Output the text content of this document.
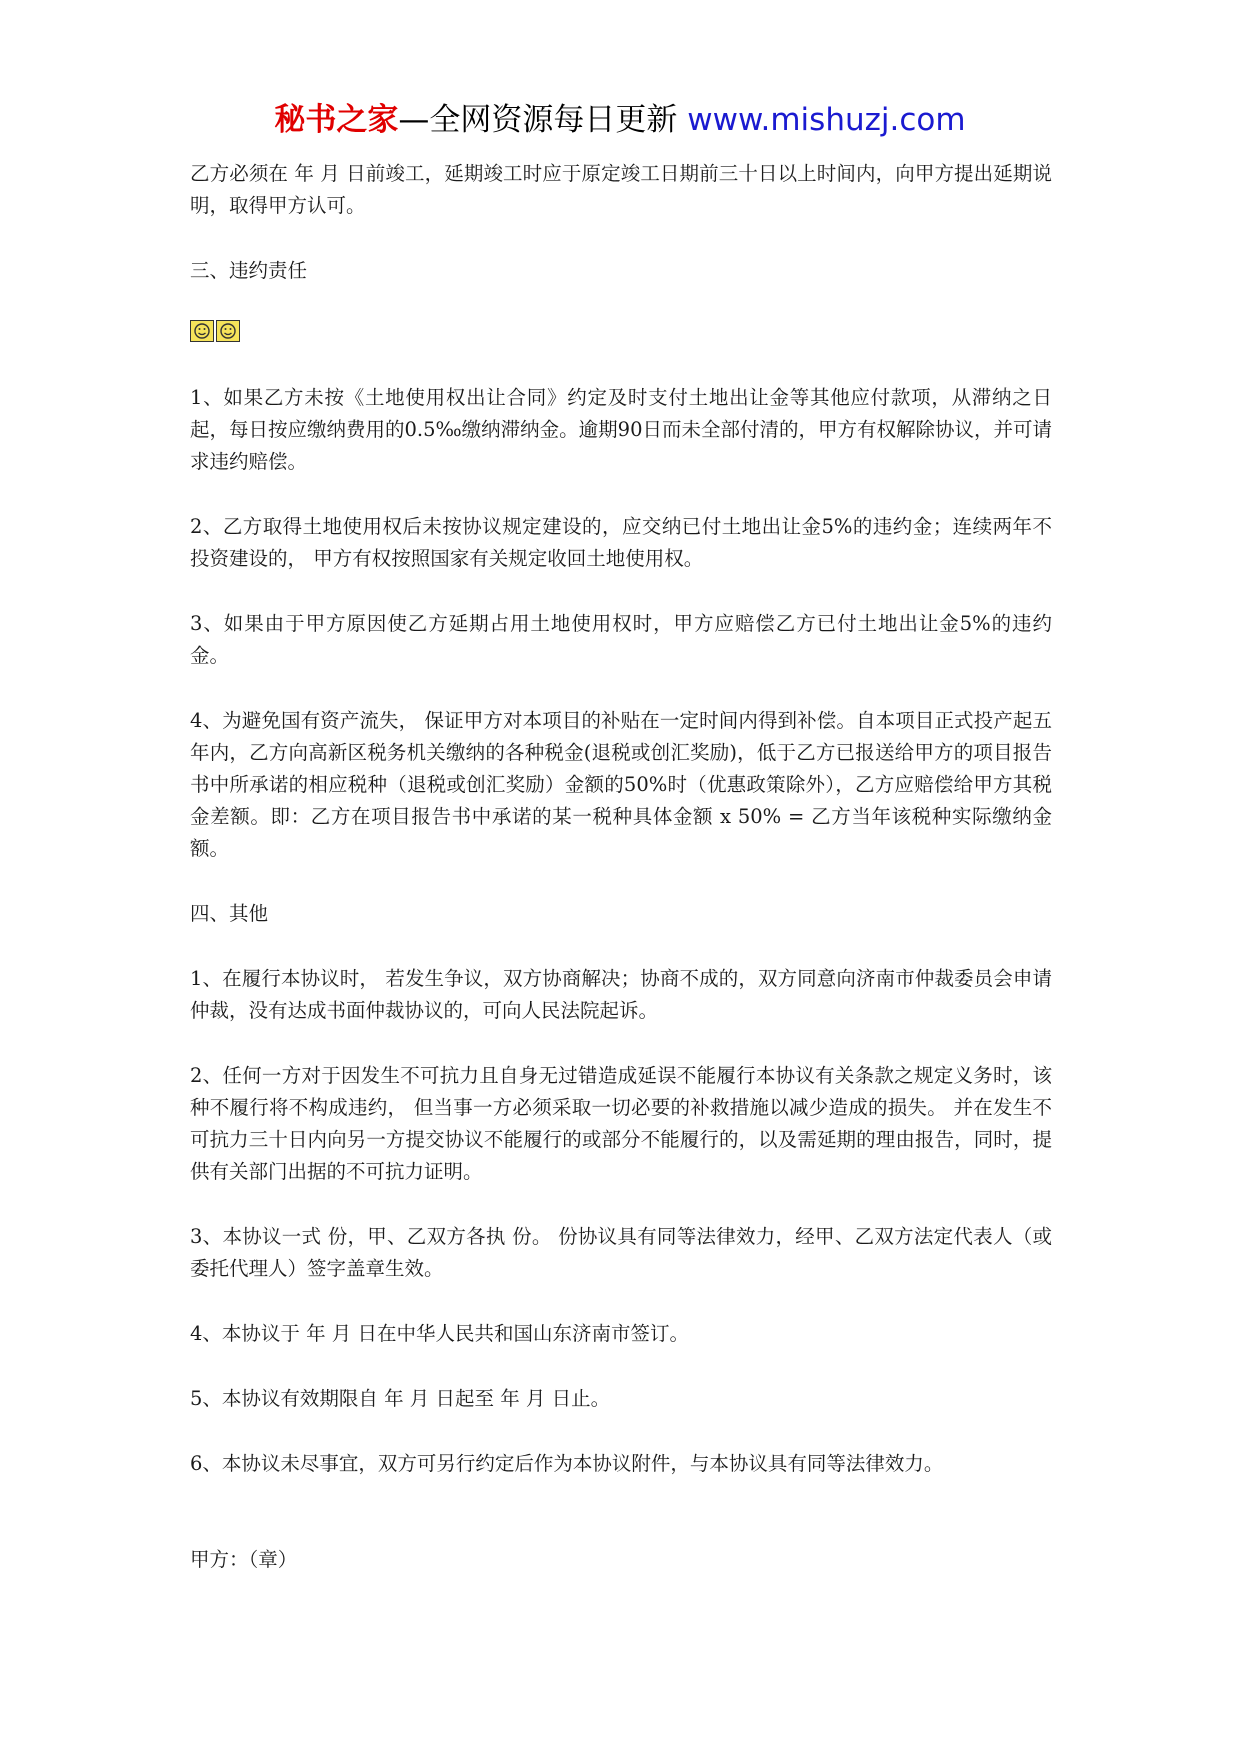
秘书之家—全网资源每日更新 www.mishuzj.com

乙方必须在 年 月 日前竣工，延期竣工时应于原定竣工日期前三十日以上时间内，向甲方提出延期说明，取得甲方认可。

三、违约责任

1、如果乙方未按《土地使用权出让合同》约定及时支付土地出让金等其他应付款项，从滞纳之日起，每日按应缴纳费用的0.5‰缴纳滞纳金。逾期90日而未全部付清的，甲方有权解除协议，并可请求违约赔偿。

2、乙方取得土地使用权后未按协议规定建设的，应交纳已付土地出让金5%的违约金；连续两年不投资建设的， 甲方有权按照国家有关规定收回土地使用权。

3、如果由于甲方原因使乙方延期占用土地使用权时，甲方应赔偿乙方已付土地出让金5%的违约金。

4、为避免国有资产流失， 保证甲方对本项目的补贴在一定时间内得到补偿。自本项目正式投产起五年内，乙方向高新区税务机关缴纳的各种税金(退税或创汇奖励)，低于乙方已报送给甲方的项目报告书中所承诺的相应税种（退税或创汇奖励）金额的50%时（优惠政策除外），乙方应赔偿给甲方其税金差额。即：乙方在项目报告书中承诺的某一税种具体金额 x 50% = 乙方当年该税种实际缴纳金额。

四、其他

1、在履行本协议时， 若发生争议，双方协商解决；协商不成的，双方同意向济南市仲裁委员会申请仲裁，没有达成书面仲裁协议的，可向人民法院起诉。

2、任何一方对于因发生不可抗力且自身无过错造成延误不能履行本协议有关条款之规定义务时，该种不履行将不构成违约， 但当事一方必须采取一切必要的补救措施以减少造成的损失。 并在发生不可抗力三十日内向另一方提交协议不能履行的或部分不能履行的，以及需延期的理由报告，同时，提供有关部门出据的不可抗力证明。

3、本协议一式 份，甲、乙双方各执 份。 份协议具有同等法律效力，经甲、乙双方法定代表人（或委托代理人）签字盖章生效。

4、本协议于 年 月 日在中华人民共和国山东济南市签订。

5、本协议有效期限自 年 月 日起至 年 月 日止。

6、本协议未尽事宜，双方可另行约定后作为本协议附件，与本协议具有同等法律效力。

甲方：（章）
